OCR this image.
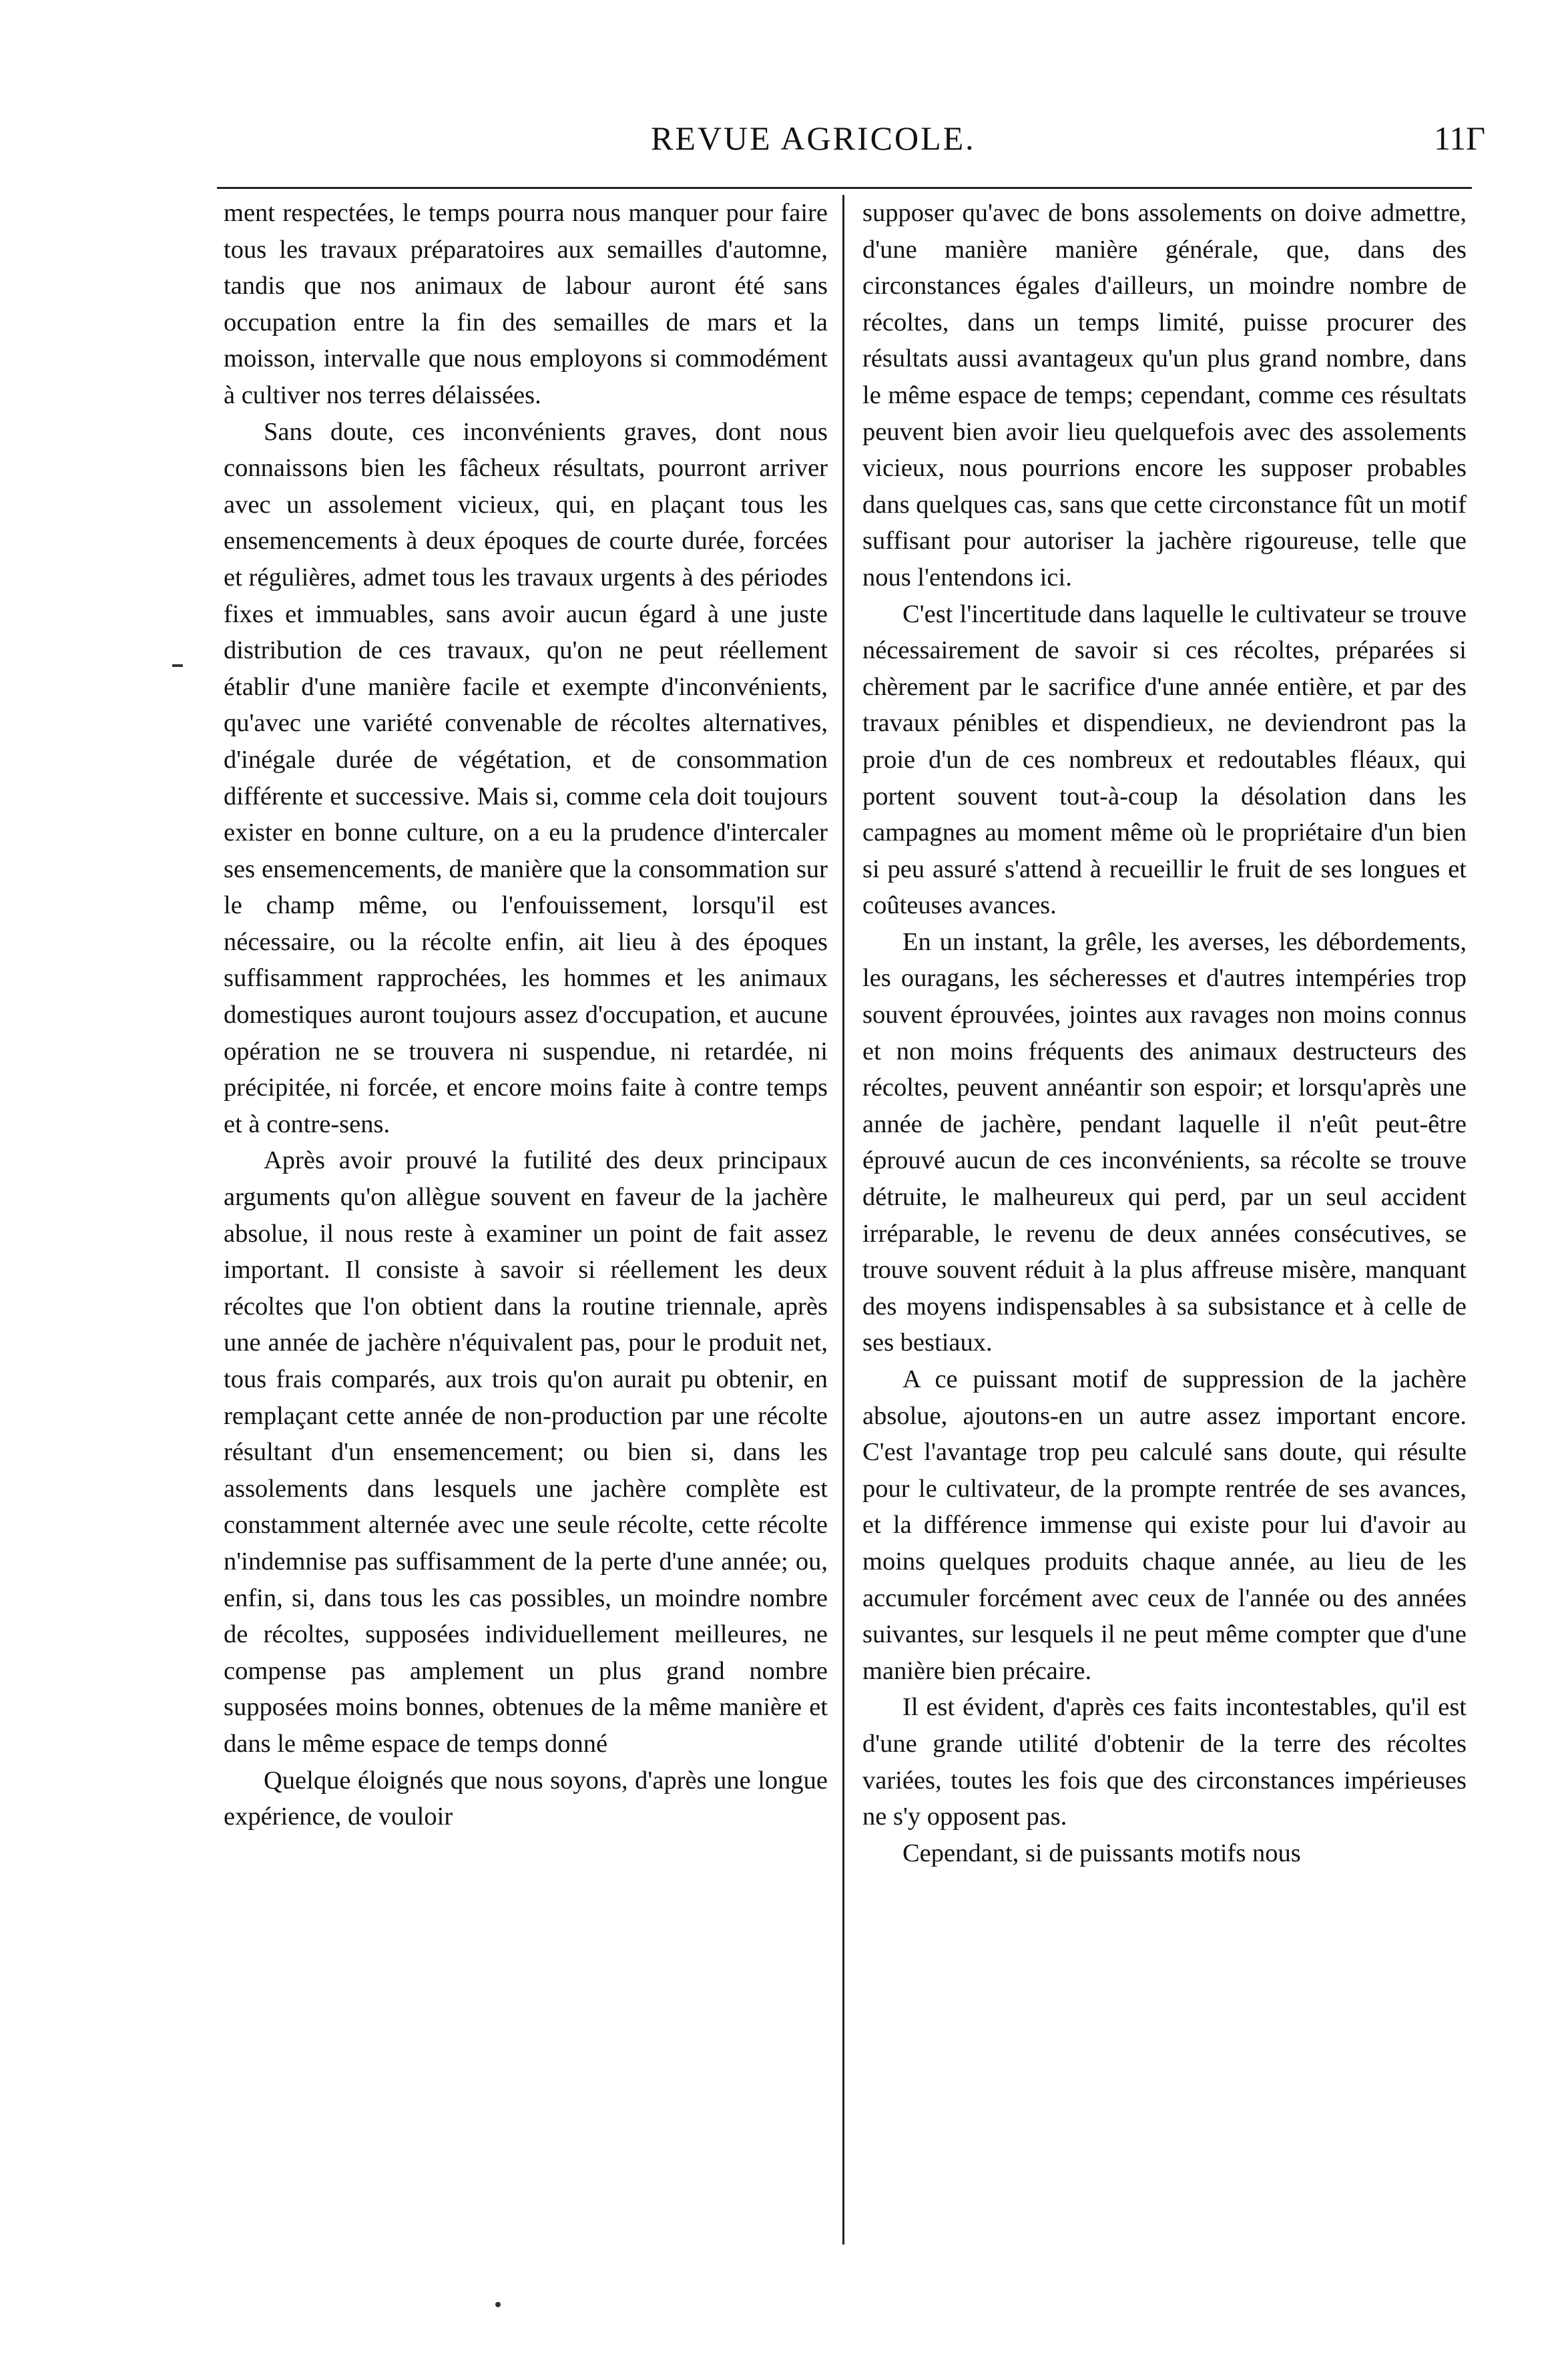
REVUE AGRICOLE.	11Г

ment respectées, le temps pourra nous manquer pour faire tous les travaux préparatoires aux semailles d'automne, tandis que nos animaux de labour auront été sans occupation entre la fin des semailles de mars et la moisson, intervalle que nous employons si commodément à cultiver nos terres délaissées.

Sans doute, ces inconvénients graves, dont nous connaissons bien les fâcheux résultats, pourront arriver avec un assolement vicieux, qui, en plaçant tous les ensemencements à deux époques de courte durée, forcées et régulières, admet tous les travaux urgents à des périodes fixes et immuables, sans avoir aucun égard à une juste distribution de ces travaux, qu'on ne peut réellement établir d'une manière facile et exempte d'inconvénients, qu'avec une variété convenable de récoltes alternatives, d'inégale durée de végétation, et de consommation différente et successive. Mais si, comme cela doit toujours exister en bonne culture, on a eu la prudence d'intercaler ses ensemencements, de manière que la consommation sur le champ même, ou l'enfouissement, lorsqu'il est nécessaire, ou la récolte enfin, ait lieu à des époques suffisamment rapprochées, les hommes et les animaux domestiques auront toujours assez d'occupation, et aucune opération ne se trouvera ni suspendue, ni retardée, ni précipitée, ni forcée, et encore moins faite à contre temps et à contre-sens.

Après avoir prouvé la futilité des deux principaux arguments qu'on allègue souvent en faveur de la jachère absolue, il nous reste à examiner un point de fait assez important. Il consiste à savoir si réellement les deux récoltes que l'on obtient dans la routine triennale, après une année de jachère n'équivalent pas, pour le produit net, tous frais comparés, aux trois qu'on aurait pu obtenir, en remplaçant cette année de non-production par une récolte résultant d'un ensemencement; ou bien si, dans les assolements dans lesquels une jachère complète est constamment alternée avec une seule récolte, cette récolte n'indemnise pas suffisamment de la perte d'une année; ou, enfin, si, dans tous les cas possibles, un moindre nombre de récoltes, supposées individuellement meilleures, ne compense pas amplement un plus grand nombre supposées moins bonnes, obtenues de la même manière et dans le même espace de temps donné

Quelque éloignés que nous soyons, d'après une longue expérience, de vouloir

supposer qu'avec de bons assolements on doive admettre, d'une manière manière générale, que, dans des circonstances égales d'ailleurs, un moindre nombre de récoltes, dans un temps limité, puisse procurer des résultats aussi avantageux qu'un plus grand nombre, dans le même espace de temps; cependant, comme ces résultats peuvent bien avoir lieu quelquefois avec des assolements vicieux, nous pourrions encore les supposer probables dans quelques cas, sans que cette circonstance fût un motif suffisant pour autoriser la jachère rigoureuse, telle que nous l'entendons ici.

C'est l'incertitude dans laquelle le cultivateur se trouve nécessairement de savoir si ces récoltes, préparées si chèrement par le sacrifice d'une année entière, et par des travaux pénibles et dispendieux, ne deviendront pas la proie d'un de ces nombreux et redoutables fléaux, qui portent souvent tout-à-coup la désolation dans les campagnes au moment même où le propriétaire d'un bien si peu assuré s'attend à recueillir le fruit de ses longues et coûteuses avances.

En un instant, la grêle, les averses, les débordements, les ouragans, les sécheresses et d'autres intempéries trop souvent éprouvées, jointes aux ravages non moins connus et non moins fréquents des animaux destructeurs des récoltes, peuvent annéantir son espoir; et lorsqu'après une année de jachère, pendant laquelle il n'eût peut-être éprouvé aucun de ces inconvénients, sa récolte se trouve détruite, le malheureux qui perd, par un seul accident irréparable, le revenu de deux années consécutives, se trouve souvent réduit à la plus affreuse misère, manquant des moyens indispensables à sa subsistance et à celle de ses bestiaux.

A ce puissant motif de suppression de la jachère absolue, ajoutons-en un autre assez important encore. C'est l'avantage trop peu calculé sans doute, qui résulte pour le cultivateur, de la prompte rentrée de ses avances, et la différence immense qui existe pour lui d'avoir au moins quelques produits chaque année, au lieu de les accumuler forcément avec ceux de l'année ou des années suivantes, sur lesquels il ne peut même compter que d'une manière bien précaire.

Il est évident, d'après ces faits incontestables, qu'il est d'une grande utilité d'obtenir de la terre des récoltes variées, toutes les fois que des circonstances impérieuses ne s'y opposent pas.

Cependant, si de puissants motifs nous
